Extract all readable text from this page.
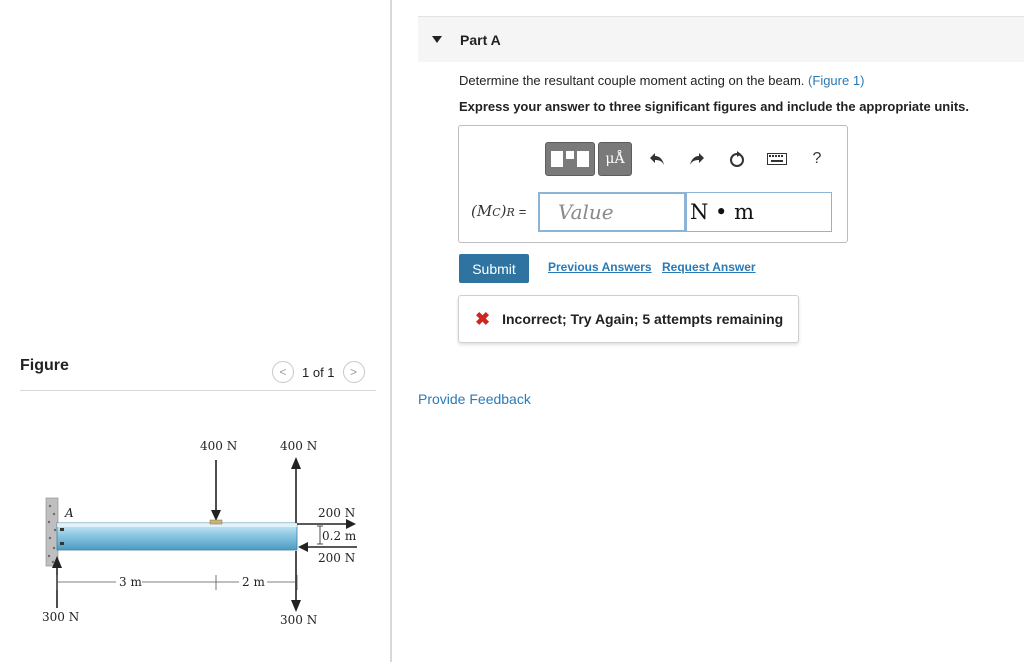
Figure	<	1 of 1	>
A
400 N	400 N
300 N
300 N
200 N
200 N
0.2 m
3 m	2 m
Part A
Determine the resultant couple moment acting on the beam. (Figure 1)
Express your answer to three significant figures and include the appropriate units.
μÅ	?
(MC)R =
Value	N • m
Submit	Previous Answers Request Answer
✖ Incorrect; Try Again; 5 attempts remaining
Provide Feedback
